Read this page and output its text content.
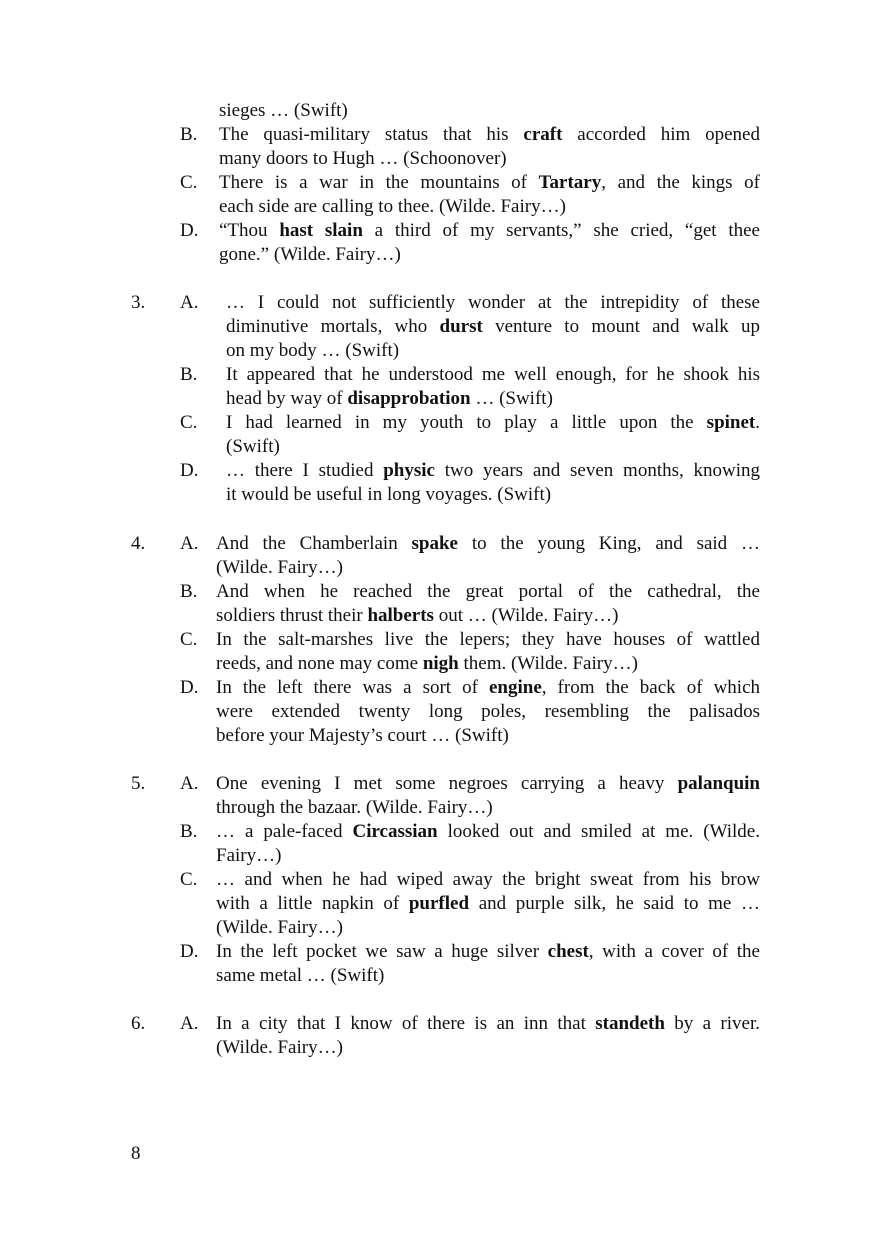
sieges … (Swift)
B. The quasi-military status that his craft accorded him opened
many doors to Hugh … (Schoonover)
C. There is a war in the mountains of Tartary, and the kings of
each side are calling to thee. (Wilde. Fairy…)
D. “Thou hast slain a third of my servants,” she cried, “get thee
gone.” (Wilde. Fairy…)
3. A. … I could not sufficiently wonder at the intrepidity of these
diminutive mortals, who durst venture to mount and walk up
on my body … (Swift)
B. It appeared that he understood me well enough, for he shook his
head by way of disapprobation … (Swift)
C. I had learned in my youth to play a little upon the spinet.
(Swift)
D. … there I studied physic two years and seven months, knowing
it would be useful in long voyages. (Swift)
4. A. And the Chamberlain spake to the young King, and said …
(Wilde. Fairy…)
B. And when he reached the great portal of the cathedral, the
soldiers thrust their halberts out … (Wilde. Fairy…)
C. In the salt-marshes live the lepers; they have houses of wattled
reeds, and none may come nigh them. (Wilde. Fairy…)
D. In the left there was a sort of engine, from the back of which
were extended twenty long poles, resembling the palisados
before your Majesty’s court … (Swift)
5. A. One evening I met some negroes carrying a heavy palanquin
through the bazaar. (Wilde. Fairy…)
B. … a pale-faced Circassian looked out and smiled at me. (Wilde.
Fairy…)
C. … and when he had wiped away the bright sweat from his brow
with a little napkin of purfled and purple silk, he said to me …
(Wilde. Fairy…)
D. In the left pocket we saw a huge silver chest, with a cover of the
same metal … (Swift)
6. A. In a city that I know of there is an inn that standeth by a river.
(Wilde. Fairy…)
8
